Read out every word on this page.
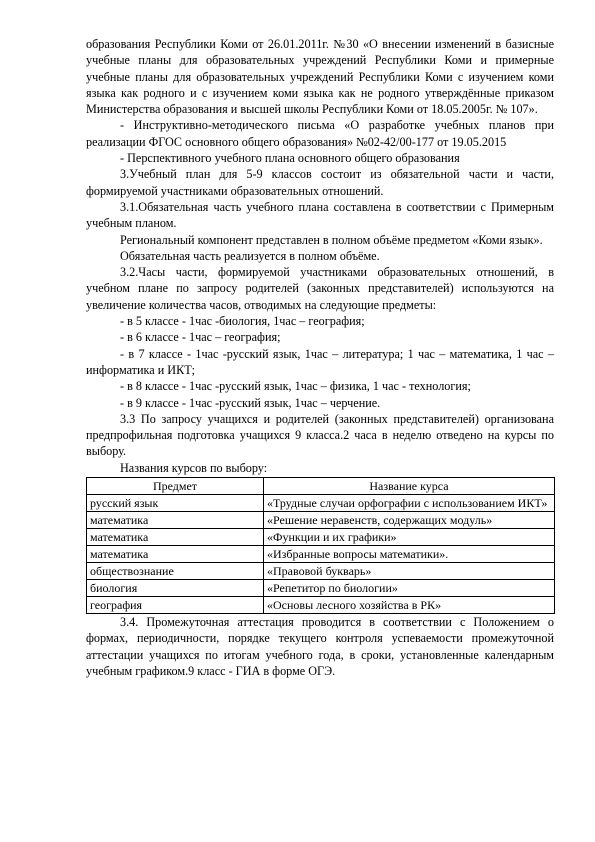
образования Республики Коми от 26.01.2011г. №30 «О внесении изменений в базисные учебные планы для образовательных учреждений Республики Коми и примерные учебные планы для образовательных учреждений Республики Коми с изучением коми языка как родного и с изучением коми языка как не родного утверждённые приказом Министерства образования и высшей школы Республики Коми от 18.05.2005г. № 107».

- Инструктивно-методического письма «О разработке учебных планов при реализации ФГОС основного общего образования» №02-42/00-177 от 19.05.2015

- Перспективного учебного плана основного общего образования

3.Учебный план для 5-9 классов состоит из обязательной части и части, формируемой участниками образовательных отношений.

3.1.Обязательная часть учебного плана составлена в соответствии с Примерным учебным планом.

Региональный компонент представлен в полном объёме предметом «Коми язык».

Обязательная часть реализуется в полном объёме.

3.2.Часы части, формируемой участниками образовательных отношений, в учебном плане по запросу родителей (законных представителей) используются на увеличение количества часов, отводимых на следующие предметы:

- в 5 классе - 1час -биология, 1час – география;

- в 6 классе - 1час – география;

- в 7 классе - 1час -русский язык, 1час – литература; 1 час – математика, 1 час – информатика и ИКТ;

- в 8 классе - 1час -русский язык, 1час – физика, 1 час - технология;

- в 9 классе - 1час -русский язык, 1час – черчение.

3.3 По запросу учащихся и родителей (законных представителей) организована предпрофильная подготовка учащихся 9 класса.2 часа в неделю отведено на курсы по выбору.

Названия курсов по выбору:

Предмет	Название курса
русский язык	«Трудные случаи орфографии с использованием ИКТ»
математика	«Решение неравенств, содержащих модуль»
математика	«Функции и их графики»
математика	«Избранные вопросы математики».
обществознание	«Правовой букварь»
биология	«Репетитор по биологии»
география	«Основы лесного хозяйства в РК»

3.4. Промежуточная аттестация проводится в соответствии с Положением о формах, периодичности, порядке текущего контроля успеваемости промежуточной аттестации учащихся по итогам учебного года, в сроки, установленные календарным учебным графиком.9 класс - ГИА в форме ОГЭ.
